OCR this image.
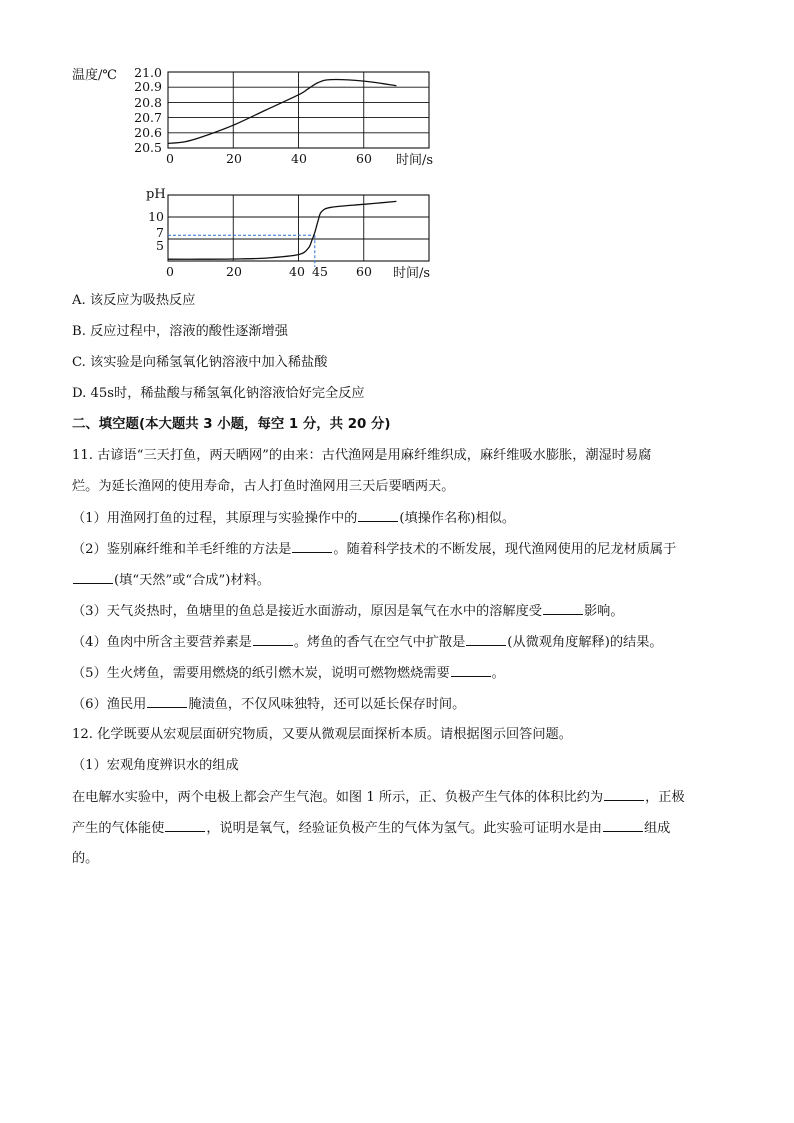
温度/℃ 21.0
20.9
20.8
20.7
20.6
20.5
0	20	40	60 时间/s
pH
10
7
5
0	20	40 45 60 时间/s
A. 该反应为吸热反应
B. 反应过程中，溶液的酸性逐渐增强
C. 该实验是向稀氢氧化钠溶液中加入稀盐酸
D. 45s时，稀盐酸与稀氢氧化钠溶液恰好完全反应
二、填空题(本大题共 3 小题，每空 1 分，共 20 分)
11. 古谚语“三天打鱼，两天晒网”的由来：古代渔网是用麻纤维织成，麻纤维吸水膨胀，潮湿时易腐
烂。为延长渔网的使用寿命，古人打鱼时渔网用三天后要晒两天。
（1）用渔网打鱼的过程，其原理与实验操作中的	(填操作名称)相似。
（2）鉴别麻纤维和羊毛纤维的方法是	。随着科学技术的不断发展，现代渔网使用的尼龙材质属于
(填“天然”或“合成”)材料。
（3）天气炎热时，鱼塘里的鱼总是接近水面游动，原因是氧气在水中的溶解度受	影响。
（4）鱼肉中所含主要营养素是	。烤鱼的香气在空气中扩散是	(从微观角度解释)的结果。
（5）生火烤鱼，需要用燃烧的纸引燃木炭，说明可燃物燃烧需要	。
（6）渔民用	腌渍鱼，不仅风味独特，还可以延长保存时间。
12. 化学既要从宏观层面研究物质，又要从微观层面探析本质。请根据图示回答问题。
（1）宏观角度辨识水的组成
在电解水实验中，两个电极上都会产生气泡。如图 1 所示，正、负极产生气体的体积比约为	，正极
产生的气体能使	，说明是氧气，经验证负极产生的气体为氢气。此实验可证明水是由	组成
的。
